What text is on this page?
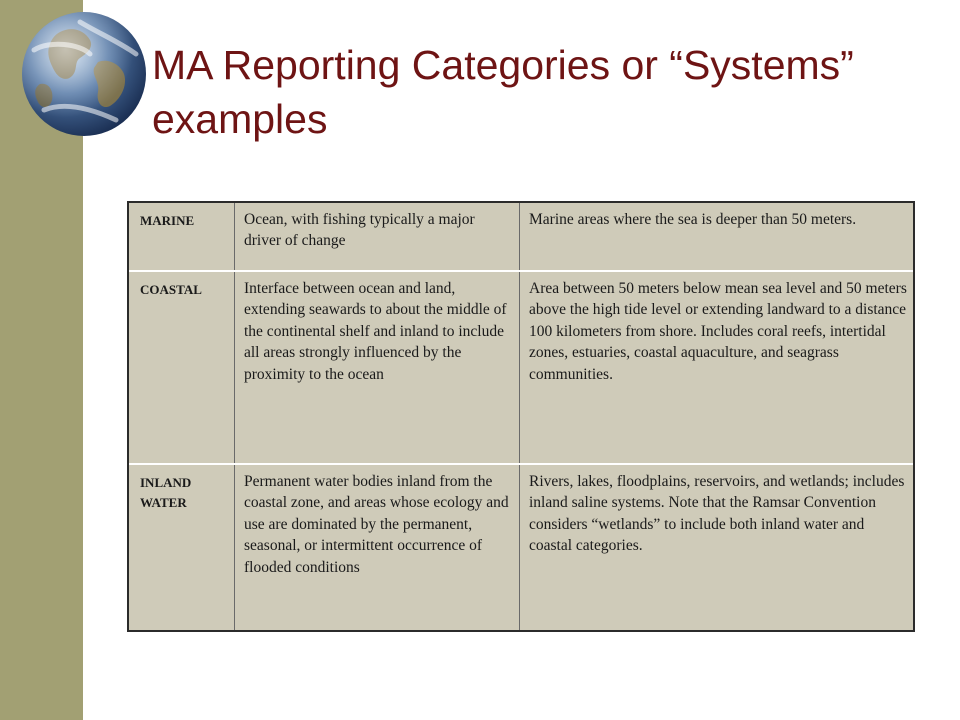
MA Reporting Categories or “Systems” examples
MARINE	Ocean, with fishing typically a major driver of change
Marine areas where the sea is deeper than 50 meters.
COASTAL	Interface between ocean and land, extending seawards to about the middle of the continental shelf and inland to include all areas strongly influenced by the proximity to the ocean
Area between 50 meters below mean sea level and 50 meters above the high tide level or extending landward to a distance 100 kilometers from shore. Includes coral reefs, intertidal zones, estuaries, coastal aquaculture, and seagrass communities.
INLAND WATER
Permanent water bodies inland from the coastal zone, and areas whose ecology and use are dominated by the permanent, seasonal, or intermittent occurrence of flooded conditions
Rivers, lakes, floodplains, reservoirs, and wetlands; includes inland saline systems. Note that the Ramsar Convention considers “wetlands” to include both inland water and coastal categories.
